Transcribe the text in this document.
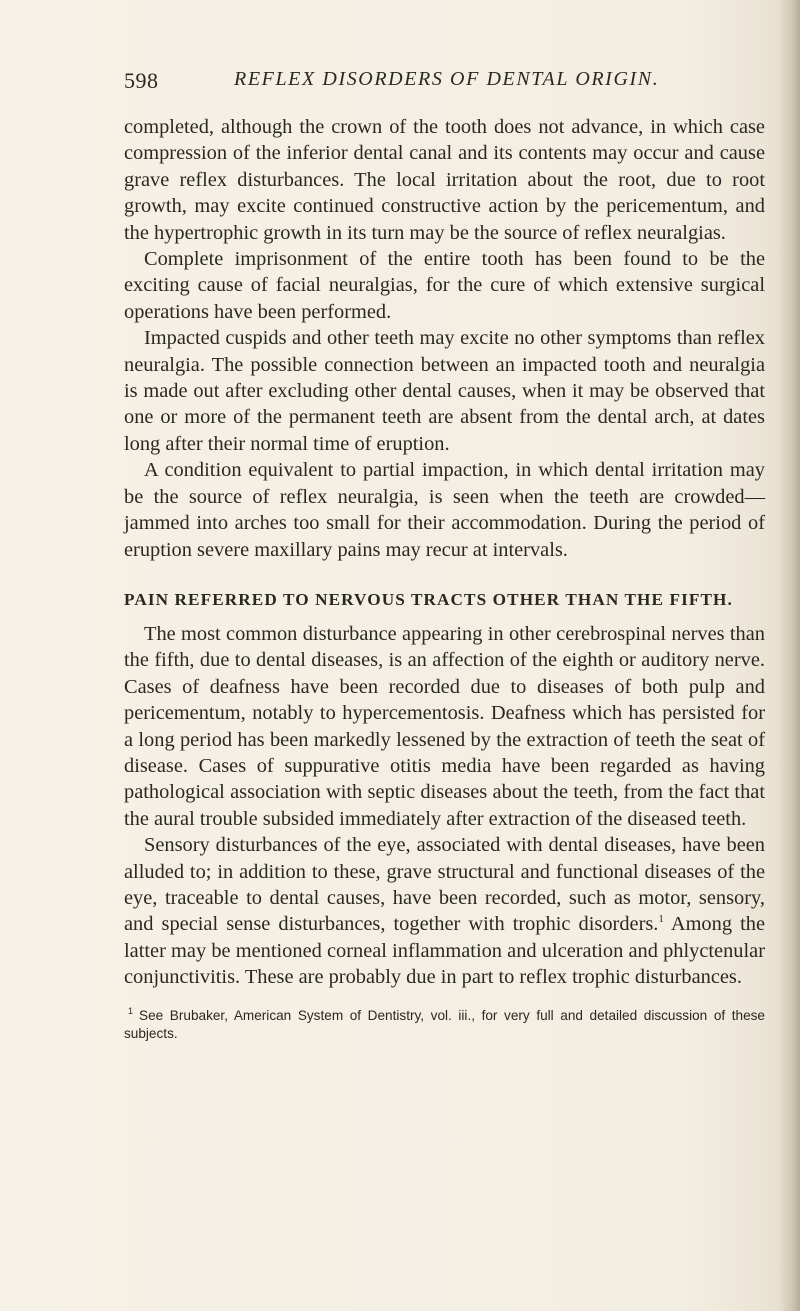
598	REFLEX DISORDERS OF DENTAL ORIGIN.

completed, although the crown of the tooth does not advance, in which case compression of the inferior dental canal and its contents may occur and cause grave reflex disturbances. The local irritation about the root, due to root growth, may excite continued constructive action by the pericementum, and the hypertrophic growth in its turn may be the source of reflex neuralgias.

Complete imprisonment of the entire tooth has been found to be the exciting cause of facial neuralgias, for the cure of which extensive surgical operations have been performed.

Impacted cuspids and other teeth may excite no other symptoms than reflex neuralgia. The possible connection between an impacted tooth and neuralgia is made out after excluding other dental causes, when it may be observed that one or more of the permanent teeth are absent from the dental arch, at dates long after their normal time of eruption.

A condition equivalent to partial impaction, in which dental irritation may be the source of reflex neuralgia, is seen when the teeth are crowded—jammed into arches too small for their accommodation. During the period of eruption severe maxillary pains may recur at intervals.

PAIN REFERRED TO NERVOUS TRACTS OTHER THAN THE FIFTH.

The most common disturbance appearing in other cerebrospinal nerves than the fifth, due to dental diseases, is an affection of the eighth or auditory nerve. Cases of deafness have been recorded due to diseases of both pulp and pericementum, notably to hypercementosis. Deafness which has persisted for a long period has been markedly lessened by the extraction of teeth the seat of disease. Cases of suppurative otitis media have been regarded as having pathological association with septic diseases about the teeth, from the fact that the aural trouble subsided immediately after extraction of the diseased teeth.

Sensory disturbances of the eye, associated with dental diseases, have been alluded to; in addition to these, grave structural and functional diseases of the eye, traceable to dental causes, have been recorded, such as motor, sensory, and special sense disturbances, together with trophic disorders.$^1$ Among the latter may be mentioned corneal inflammation and ulceration and phlyctenular conjunctivitis. These are probably due in part to reflex trophic disturbances.

$^1$ See Brubaker, American System of Dentistry, vol. iii., for very full and detailed discussion of these subjects.
